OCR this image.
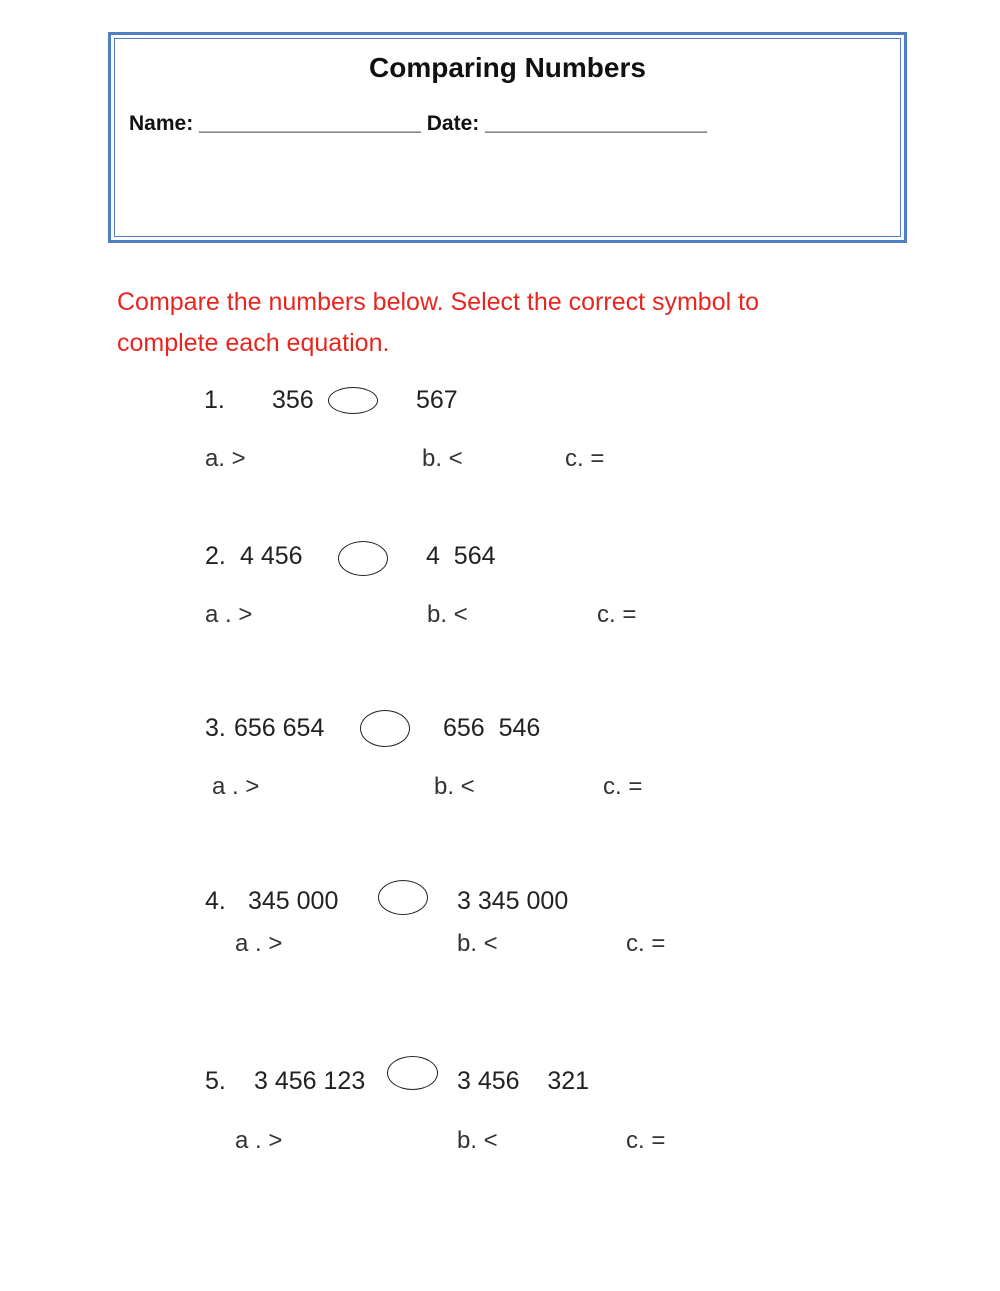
Comparing Numbers
Name: ___________________ Date: ___________________
Compare the numbers below. Select the correct symbol to
complete each equation.
1. 356	567
a. >	b. <	c. =
2. 4 456	4  564
a . >	b. <	c. =
3. 656 654	656  546
a . >	b. <	c. =
4. 345 000	3 345 000
a . >	b. <	c. =
5. 3 456 123	3 456    321
a . >	b. <	c. =
